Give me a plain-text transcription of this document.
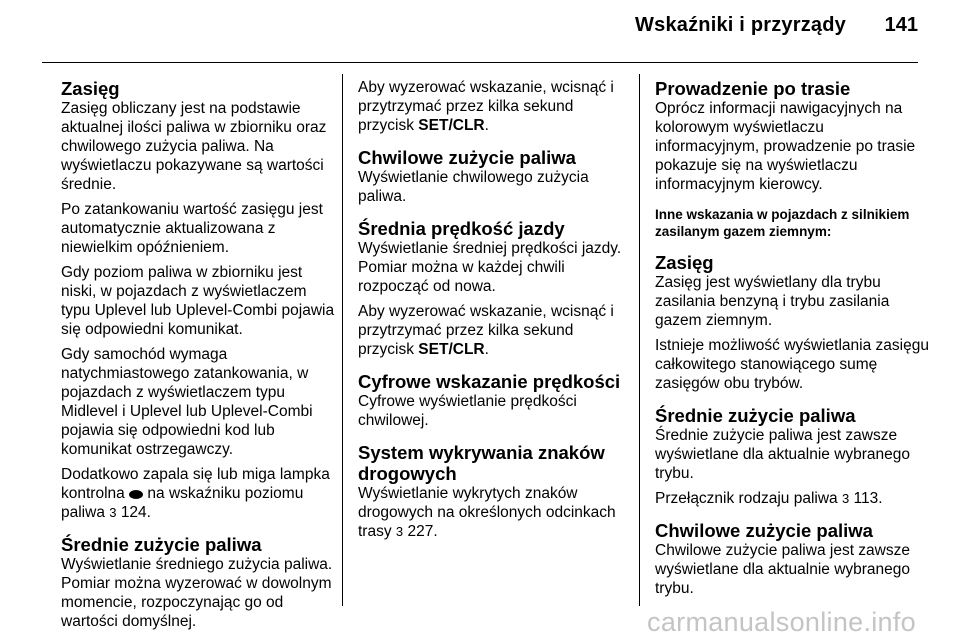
Wskaźniki i przyrządy 141
Zasięg

Zasięg obliczany jest na podstawie aktualnej ilości paliwa w zbiorniku oraz chwilowego zużycia paliwa. Na wyświetlaczu pokazywane są wartości średnie.

Po zatankowaniu wartość zasięgu jest automatycznie aktualizowana z niewielkim opóźnieniem.

Gdy poziom paliwa w zbiorniku jest niski, w pojazdach z wyświetlaczem typu Uplevel lub Uplevel-Combi pojawia się odpowiedni komunikat.

Gdy samochód wymaga natychmiastowego zatankowania, w pojazdach z wyświetlaczem typu Midlevel i Uplevel lub Uplevel-Combi pojawia się odpowiedni kod lub komunikat ostrzegawczy.

Dodatkowo zapala się lub miga lampka kontrolna na wskaźniku poziomu paliwa 3 124.

Średnie zużycie paliwa

Wyświetlanie średniego zużycia paliwa. Pomiar można wyzerować w dowolnym momencie, rozpoczynając go od wartości domyślnej.

Aby wyzerować wskazanie, wcisnąć i przytrzymać przez kilka sekund przycisk SET/CLR.

Chwilowe zużycie paliwa

Wyświetlanie chwilowego zużycia paliwa.

Średnia prędkość jazdy

Wyświetlanie średniej prędkości jazdy. Pomiar można w każdej chwili rozpocząć od nowa.

Aby wyzerować wskazanie, wcisnąć i przytrzymać przez kilka sekund przycisk SET/CLR.

Cyfrowe wskazanie prędkości

Cyfrowe wyświetlanie prędkości chwilowej.

System wykrywania znaków drogowych

Wyświetlanie wykrytych znaków drogowych na określonych odcinkach trasy 3 227.

Prowadzenie po trasie

Oprócz informacji nawigacyjnych na kolorowym wyświetlaczu informacyjnym, prowadzenie po trasie pokazuje się na wyświetlaczu informacyjnym kierowcy.

Inne wskazania w pojazdach z silnikiem zasilanym gazem ziemnym:
Zasięg

Zasięg jest wyświetlany dla trybu zasilania benzyną i trybu zasilania gazem ziemnym.

Istnieje możliwość wyświetlania zasięgu całkowitego stanowiącego sumę zasięgów obu trybów.

Średnie zużycie paliwa

Średnie zużycie paliwa jest zawsze wyświetlane dla aktualnie wybranego trybu.

Przełącznik rodzaju paliwa 3 113.

Chwilowe zużycie paliwa

Chwilowe zużycie paliwa jest zawsze wyświetlane dla aktualnie wybranego trybu.

carmanualsonline.info
